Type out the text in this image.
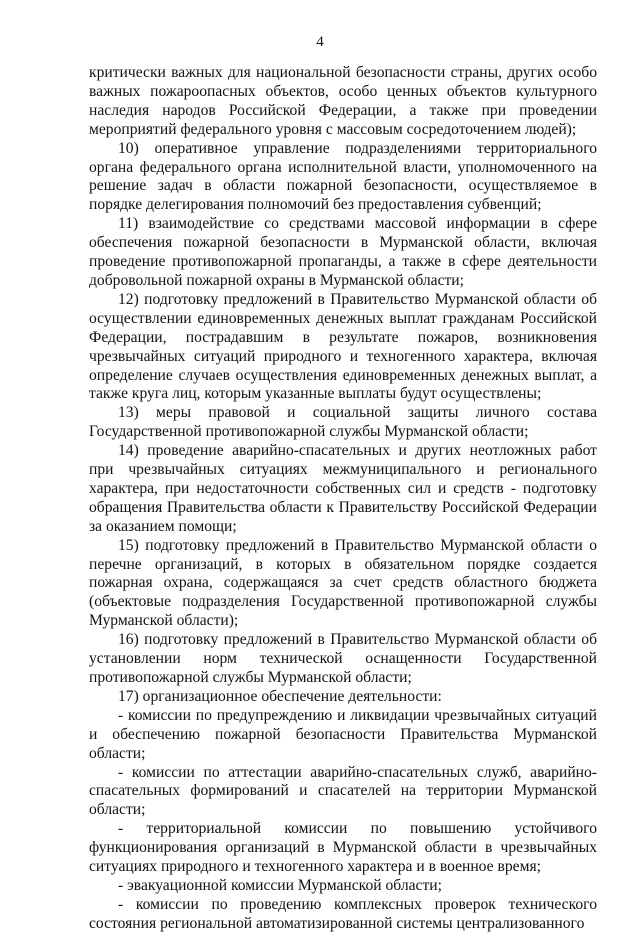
4

критически важных для национальной безопасности страны, других особо важных пожароопасных объектов, особо ценных объектов культурного наследия народов Российской Федерации, а также при проведении мероприятий федерального уровня с массовым сосредоточением людей);

10) оперативное управление подразделениями территориального органа федерального органа исполнительной власти, уполномоченного на решение задач в области пожарной безопасности, осуществляемое в порядке делегирования полномочий без предоставления субвенций;

11) взаимодействие со средствами массовой информации в сфере обеспечения пожарной безопасности в Мурманской области, включая проведение противопожарной пропаганды, а также в сфере деятельности добровольной пожарной охраны в Мурманской области;

12) подготовку предложений в Правительство Мурманской области об осуществлении единовременных денежных выплат гражданам Российской Федерации, пострадавшим в результате пожаров, возникновения чрезвычайных ситуаций природного и техногенного характера, включая определение случаев осуществления единовременных денежных выплат, а также круга лиц, которым указанные выплаты будут осуществлены;

13) меры правовой и социальной защиты личного состава Государственной противопожарной службы Мурманской области;

14) проведение аварийно-спасательных и других неотложных работ при чрезвычайных ситуациях межмуниципального и регионального характера, при недостаточности собственных сил и средств - подготовку обращения Правительства области к Правительству Российской Федерации за оказанием помощи;

15) подготовку предложений в Правительство Мурманской области о перечне организаций, в которых в обязательном порядке создается пожарная охрана, содержащаяся за счет средств областного бюджета (объектовые подразделения Государственной противопожарной службы Мурманской области);

16) подготовку предложений в Правительство Мурманской области об установлении норм технической оснащенности Государственной противопожарной службы Мурманской области;

17) организационное обеспечение деятельности:

- комиссии по предупреждению и ликвидации чрезвычайных ситуаций и обеспечению пожарной безопасности Правительства Мурманской области;

- комиссии по аттестации аварийно-спасательных служб, аварийно-спасательных формирований и спасателей на территории Мурманской области;

- территориальной комиссии по повышению устойчивого функционирования организаций в Мурманской области в чрезвычайных ситуациях природного и техногенного характера и в военное время;

- эвакуационной комиссии Мурманской области;

- комиссии по проведению комплексных проверок технического состояния региональной автоматизированной системы централизованного
